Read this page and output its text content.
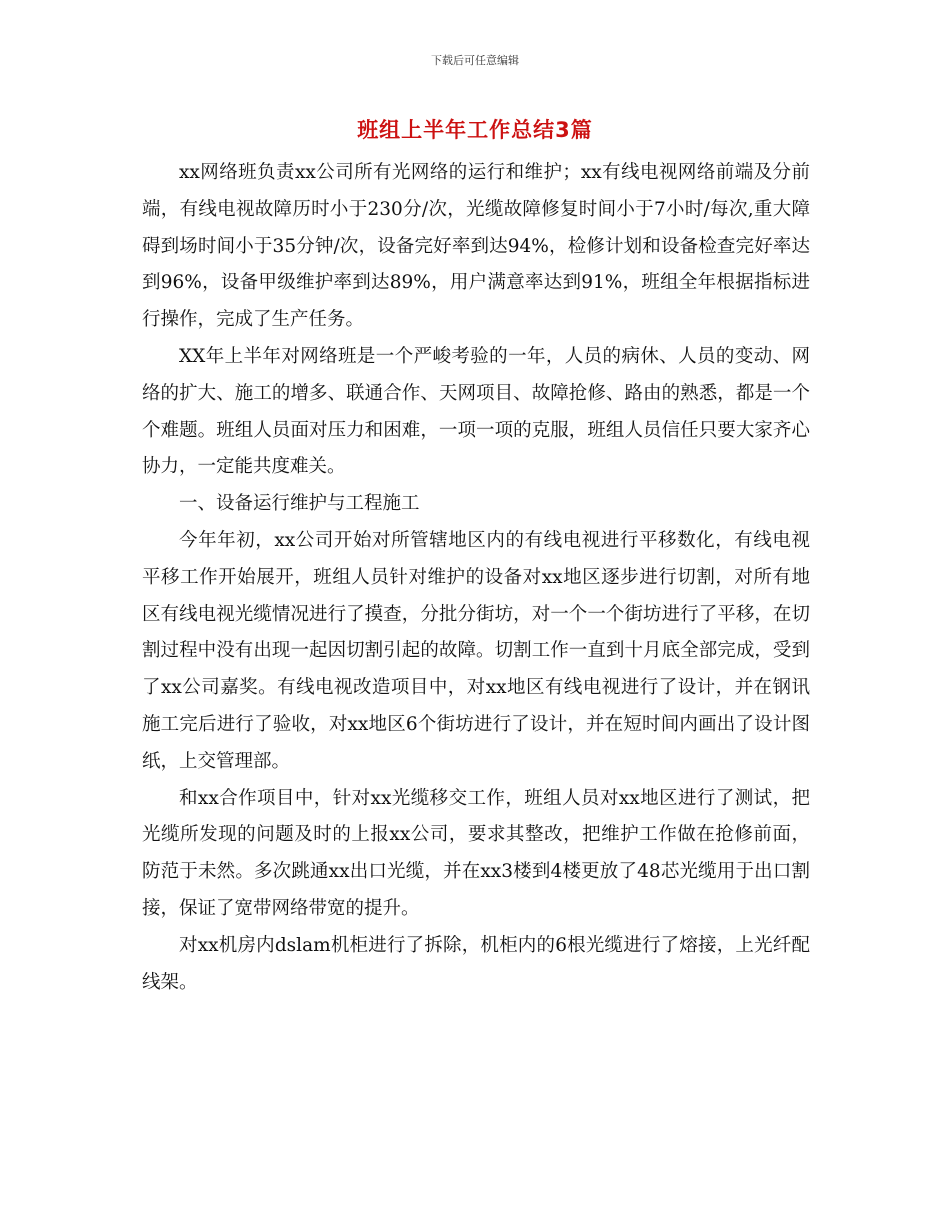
下载后可任意编辑
班组上半年工作总结3篇

xx网络班负责xx公司所有光网络的运行和维护；xx有线电视网络前端及分前端，有线电视故障历时小于230分/次，光缆故障修复时间小于7小时/每次,重大障碍到场时间小于35分钟/次，设备完好率到达94%，检修计划和设备检查完好率达到96%，设备甲级维护率到达89%，用户满意率达到91%，班组全年根据指标进行操作，完成了生产任务。

XX年上半年对网络班是一个严峻考验的一年，人员的病休、人员的变动、网络的扩大、施工的增多、联通合作、天网项目、故障抢修、路由的熟悉，都是一个个难题。班组人员面对压力和困难，一项一项的克服，班组人员信任只要大家齐心协力，一定能共度难关。

一、设备运行维护与工程施工

今年年初，xx公司开始对所管辖地区内的有线电视进行平移数化，有线电视平移工作开始展开，班组人员针对维护的设备对xx地区逐步进行切割，对所有地区有线电视光缆情况进行了摸查，分批分街坊，对一个一个街坊进行了平移，在切割过程中没有出现一起因切割引起的故障。切割工作一直到十月底全部完成，受到了xx公司嘉奖。有线电视改造项目中，对xx地区有线电视进行了设计，并在钢讯施工完后进行了验收，对xx地区6个街坊进行了设计，并在短时间内画出了设计图纸，上交管理部。

和xx合作项目中，针对xx光缆移交工作，班组人员对xx地区进行了测试，把光缆所发现的问题及时的上报xx公司，要求其整改，把维护工作做在抢修前面，防范于未然。多次跳通xx出口光缆，并在xx3楼到4楼更放了48芯光缆用于出口割接，保证了宽带网络带宽的提升。

对xx机房内dslam机柜进行了拆除，机柜内的6根光缆进行了熔接，上光纤配线架。
